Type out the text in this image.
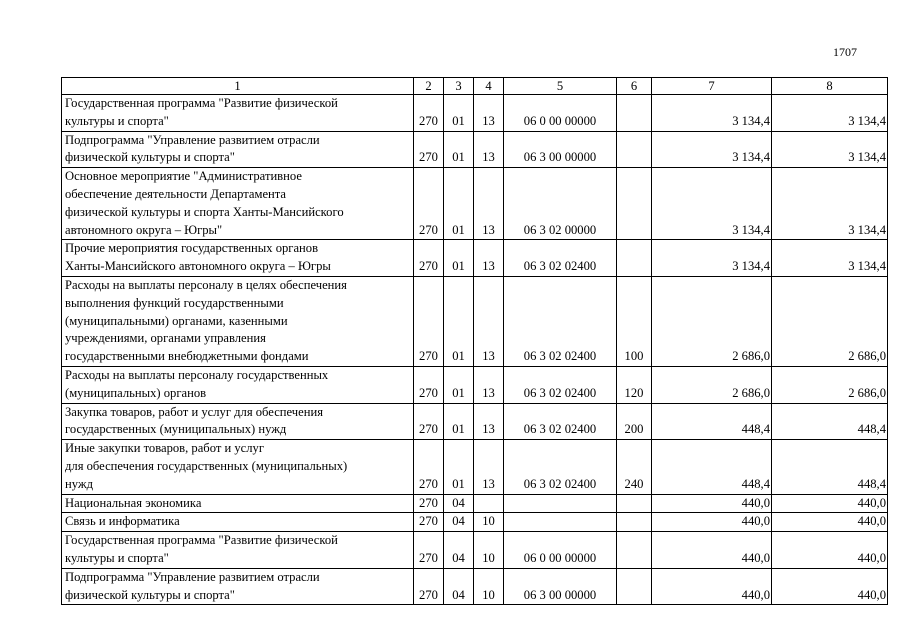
1707
1	2	3	4	5	6	7	8
Государственная программа "Развитие физической
культуры и спорта"	270	01	13	06 0 00 00000		3 134,4	3 134,4
Подпрограмма "Управление развитием отрасли
физической культуры и спорта"	270	01	13	06 3 00 00000		3 134,4	3 134,4
Основное мероприятие "Административное
обеспечение деятельности Департамента
физической культуры и спорта Ханты-Мансийского
автономного округа – Югры"	270	01	13	06 3 02 00000		3 134,4	3 134,4
Прочие мероприятия государственных органов
Ханты-Мансийского автономного округа – Югры	270	01	13	06 3 02 02400		3 134,4	3 134,4
Расходы на выплаты персоналу в целях обеспечения
выполнения функций государственными
(муниципальными) органами, казенными
учреждениями, органами управления
государственными внебюджетными фондами	270	01	13	06 3 02 02400	100	2 686,0	2 686,0
Расходы на выплаты персоналу государственных
(муниципальных) органов	270	01	13	06 3 02 02400	120	2 686,0	2 686,0
Закупка товаров, работ и услуг для обеспечения
государственных (муниципальных) нужд	270	01	13	06 3 02 02400	200	448,4	448,4
Иные закупки товаров, работ и услуг
для обеспечения государственных (муниципальных)
нужд	270	01	13	06 3 02 02400	240	448,4	448,4
Национальная экономика	270	04				440,0	440,0
Связь и информатика	270	04	10			440,0	440,0
Государственная программа "Развитие физической
культуры и спорта"	270	04	10	06 0 00 00000		440,0	440,0
Подпрограмма "Управление развитием отрасли
физической культуры и спорта"	270	04	10	06 3 00 00000		440,0	440,0
